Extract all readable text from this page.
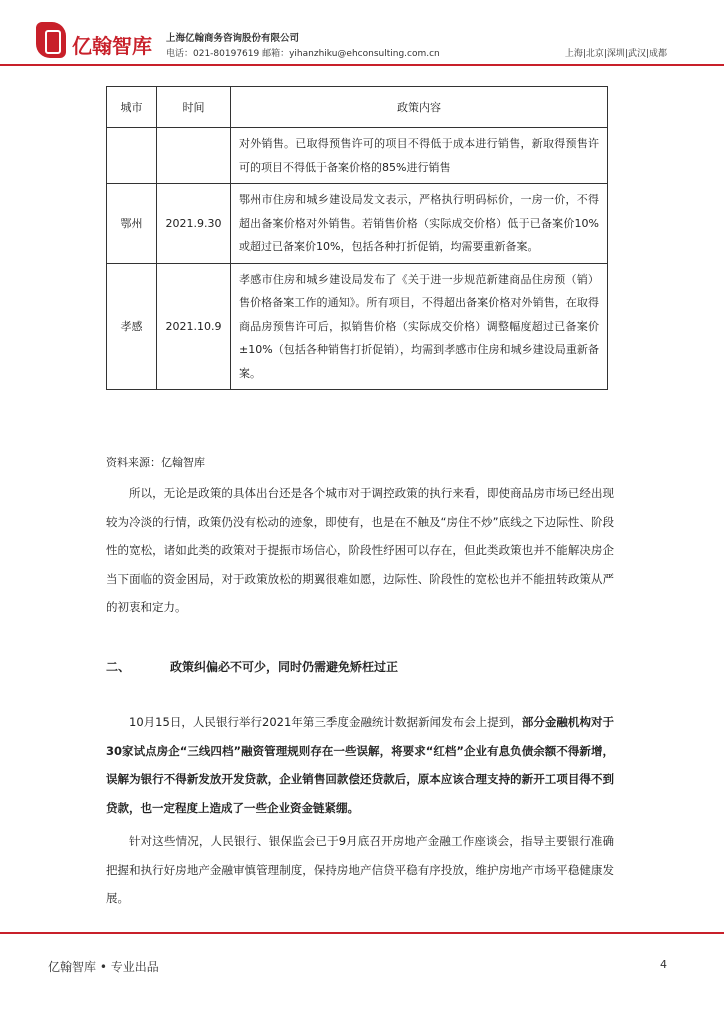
亿翰智库 上海亿翰商务咨询股份有限公司
电话：021-80197619 邮箱：yihanzhiku@ehconsulting.com.cn	上海|北京|深圳|武汉|成都
城市	时间	政策内容
		对外销售。已取得预售许可的项目不得低于成本进行销售，新取得预售许可的项目不得低于备案价格的85%进行销售
鄂州	2021.9.30	鄂州市住房和城乡建设局发文表示，严格执行明码标价，一房一价，不得超出备案价格对外销售。若销售价格（实际成交价格）低于已备案价10%或超过已备案价10%，包括各种打折促销，均需要重新备案。
孝感	2021.10.9	孝感市住房和城乡建设局发布了《关于进一步规范新建商品住房预（销）售价格备案工作的通知》。所有项目，不得超出备案价格对外销售，在取得商品房预售许可后，拟销售价格（实际成交价格）调整幅度超过已备案价±10%（包括各种销售打折促销），均需到孝感市住房和城乡建设局重新备案。
资料来源：亿翰智库

所以，无论是政策的具体出台还是各个城市对于调控政策的执行来看，即使商品房市场已经出现较为冷淡的行情，政策仍没有松动的迹象，即使有，也是在不触及“房住不炒”底线之下边际性、阶段性的宽松，诸如此类的政策对于提振市场信心，阶段性纾困可以存在，但此类政策也并不能解决房企当下面临的资金困局，对于政策放松的期翼很难如愿，边际性、阶段性的宽松也并不能扭转政策从严的初衷和定力。

二、	政策纠偏必不可少，同时仍需避免矫枉过正

10月15日，人民银行举行2021年第三季度金融统计数据新闻发布会上提到，部分金融机构对于30家试点房企“三线四档”融资管理规则存在一些误解，将要求“红档”企业有息负债余额不得新增，误解为银行不得新发放开发贷款，企业销售回款偿还贷款后，原本应该合理支持的新开工项目得不到贷款，也一定程度上造成了一些企业资金链紧绷。

针对这些情况，人民银行、银保监会已于9月底召开房地产金融工作座谈会，指导主要银行准确把握和执行好房地产金融审慎管理制度，保持房地产信贷平稳有序投放，维护房地产市场平稳健康发展。

亿翰智库 • 专业出品	4
